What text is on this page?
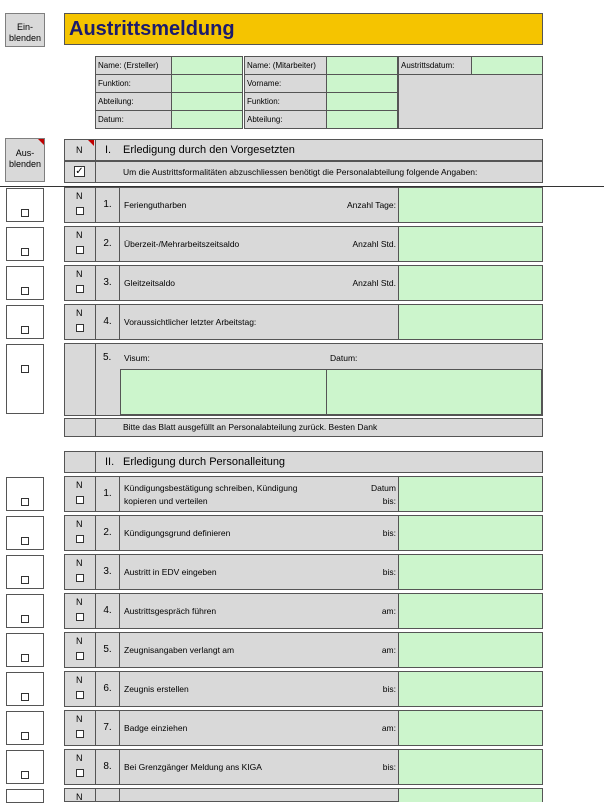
Ein-
blenden
Aus-
blenden
Austrittsmeldung
Name: (Ersteller)
Funktion:
Abteilung:
Datum:
Name: (Mitarbeiter)
Vorname:
Funktion:
Abteilung:
Austrittsdatum:
N I. Erledigung durch den Vorgesetzten
✓	Um die Austrittsformalitäten abzuschliessen benötigt die Personalabteilung folgende Angaben:
N
1.	Feriengutharben	Anzahl Tage:
N
2.	Überzeit-/Mehrarbeitszeitsaldo	Anzahl Std.
N
3.	Gleitzeitsaldo	Anzahl Std.
N
4.	Voraussichtlicher letzter Arbeitstag:
5. Visum:	Datum:
Bitte das Blatt ausgefüllt an Personalabteilung zurück. Besten Dank
II. Erledigung durch Personalleitung
N
1.	Kündigungsbestätigung schreiben, Kündigung
kopieren und verteilen
Datum
bis:
N
2.	Kündigungsgrund definieren	bis:
N
3.	Austritt in EDV eingeben	bis:
N
4.	Austrittsgespräch führen	am:
N
5.	Zeugnisangaben verlangt am	am:
N
6.	Zeugnis erstellen	bis:
N
7.	Badge einziehen	am:
N
8.	Bei Grenzgänger Meldung ans KIGA	bis:
N
